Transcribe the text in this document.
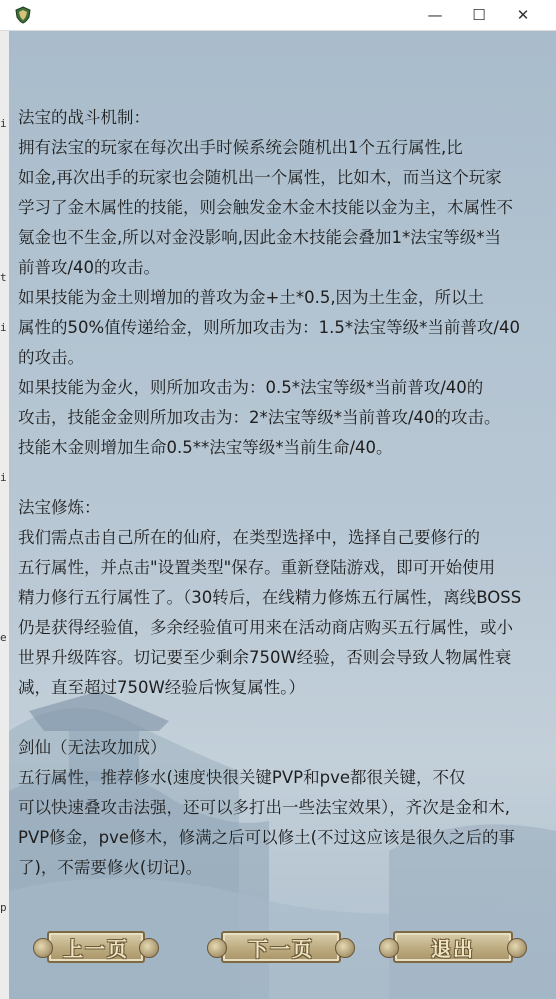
—	☐	✕
i
t
i
i
e
p
法宝的战斗机制：
拥有法宝的玩家在每次出手时候系统会随机出1个五行属性,比
如金,再次出手的玩家也会随机出一个属性，比如木，而当这个玩家
学习了金木属性的技能，则会触发金木金木技能以金为主，木属性不
氪金也不生金,所以对金没影响,因此金木技能会叠加1*法宝等级*当
前普攻/40的攻击。
如果技能为金土则增加的普攻为金+土*0.5,因为土生金，所以土
属性的50%值传递给金，则所加攻击为：1.5*法宝等级*当前普攻/40
的攻击。
如果技能为金火，则所加攻击为：0.5*法宝等级*当前普攻/40的
攻击，技能金金则所加攻击为：2*法宝等级*当前普攻/40的攻击。
技能木金则增加生命0.5**法宝等级*当前生命/40。
法宝修炼：
我们需点击自己所在的仙府，在类型选择中，选择自己要修行的
五行属性，并点击"设置类型"保存。重新登陆游戏，即可开始使用
精力修行五行属性了。（30转后，在线精力修炼五行属性，离线BOSS
仍是获得经验值，多余经验值可用来在活动商店购买五行属性，或小
世界升级阵容。切记要至少剩余750W经验，否则会导致人物属性衰
减，直至超过750W经验后恢复属性。）
剑仙（无法攻加成）
五行属性，推荐修水(速度快很关键PVP和pve都很关键，不仅
可以快速叠攻击法强，还可以多打出一些法宝效果），齐次是金和木,
PVP修金，pve修木，修满之后可以修土(不过这应该是很久之后的事
了)，不需要修火(切记)。
上一页	下一页	退出
